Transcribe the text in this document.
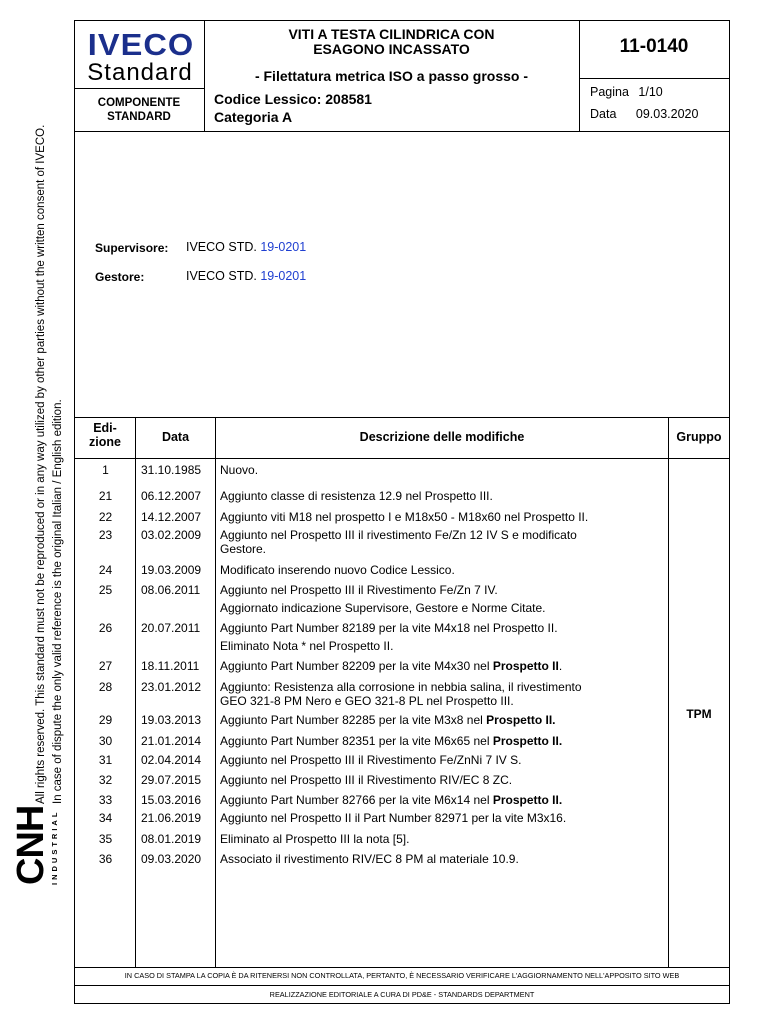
All rights reserved. This standard must not be reproduced or in any way utilized by other parties without the written consent of IVECO. In case of dispute the only valid reference is the original Italian / English edition.
CNH
INDUSTRIAL
IVECO
Standard
COMPONENTE
STANDARD
VITI A TESTA CILINDRICA CON
ESAGONO INCASSATO
- Filettatura metrica ISO a passo grosso -
Codice Lessico: 208581
Categoria A
11-0140
Pagina 1/10
Data 09.03.2020
Supervisore: IVECO STD. 19-0201
Gestore:	IVECO STD. 19-0201
Edi-
zione	Data	Descrizione delle modifiche	Gruppo
TPM
1	31.10.1985	Nuovo.
21	06.12.2007	Aggiunto classe di resistenza 12.9 nel Prospetto III.
22	14.12.2007	Aggiunto viti M18 nel prospetto I e M18x50 - M18x60 nel Prospetto II.
23	03.02.2009	Aggiunto nel Prospetto III il rivestimento Fe/Zn 12 IV S e modificato
Gestore.
24	19.03.2009	Modificato inserendo nuovo Codice Lessico.
25	08.06.2011	Aggiunto nel Prospetto III il Rivestimento Fe/Zn 7 IV.
Aggiornato indicazione Supervisore, Gestore e Norme Citate.
26	20.07.2011	Aggiunto Part Number 82189 per la vite M4x18 nel Prospetto II.
Eliminato Nota * nel Prospetto II.
27	18.11.2011	Aggiunto Part Number 82209 per la vite M4x30 nel Prospetto II.
28	23.01.2012	Aggiunto: Resistenza alla corrosione in nebbia salina, il rivestimento
GEO 321-8 PM Nero e GEO 321-8 PL nel Prospetto III.
29	19.03.2013	Aggiunto Part Number 82285 per la vite M3x8 nel Prospetto II.
30	21.01.2014	Aggiunto Part Number 82351 per la vite M6x65 nel Prospetto II.
31	02.04.2014	Aggiunto nel Prospetto III il Rivestimento Fe/ZnNi 7 IV S.
32	29.07.2015	Aggiunto nel Prospetto III il Rivestimento RIV/EC 8 ZC.
33	15.03.2016	Aggiunto Part Number 82766 per la vite M6x14 nel Prospetto II.
34	21.06.2019	Aggiunto nel Prospetto II il Part Number 82971 per la vite M3x16.
35	08.01.2019	Eliminato al Prospetto III la nota [5].
36	09.03.2020	Associato il rivestimento RIV/EC 8 PM al materiale 10.9.
IN CASO DI STAMPA LA COPIA È DA RITENERSI NON CONTROLLATA, PERTANTO, È NECESSARIO VERIFICARE L'AGGIORNAMENTO NELL'APPOSITO SITO WEB
REALIZZAZIONE EDITORIALE A CURA DI PD&E - STANDARDS DEPARTMENT
